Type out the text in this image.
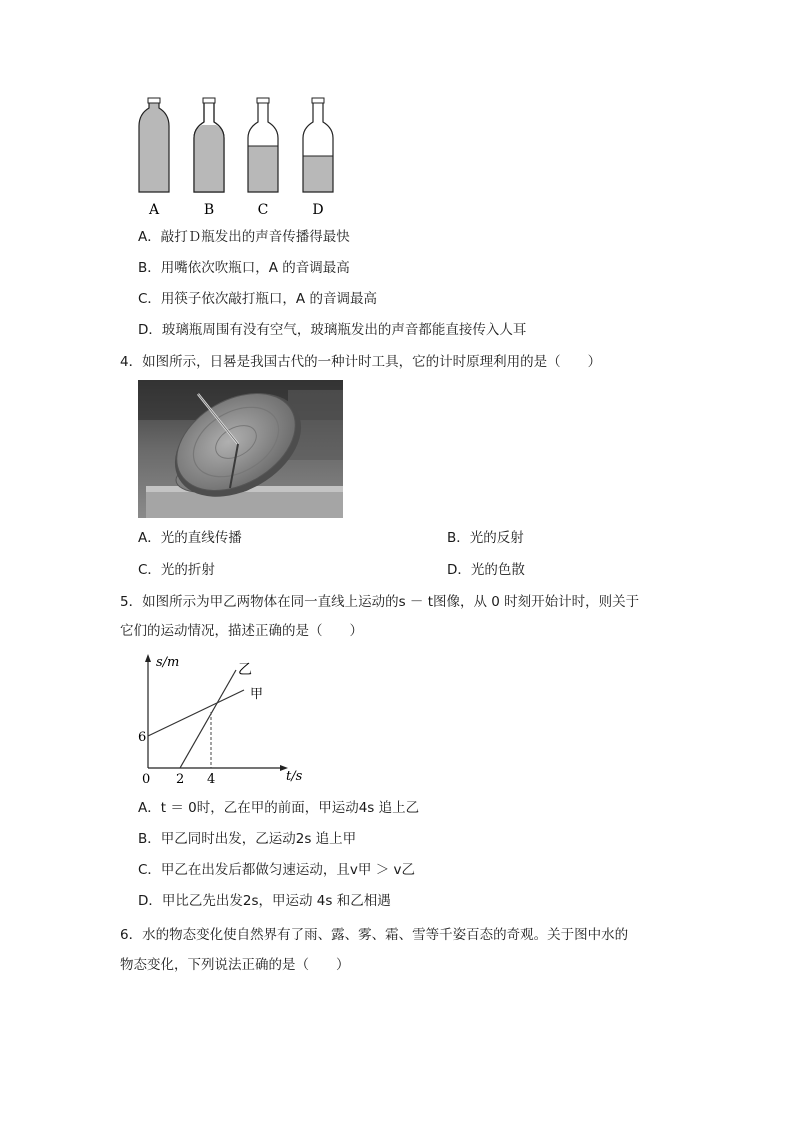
A	B	C	D
A．敲打Ｄ瓶发出的声音传播得最快
B．用嘴依次吹瓶口，A 的音调最高
C．用筷子依次敲打瓶口，A 的音调最高
D．玻璃瓶周围有没有空气，玻璃瓶发出的声音都能直接传入人耳
4．如图所示，日晷是我国古代的一种计时工具，它的计时原理利用的是（　　）
A．光的直线传播	B．光的反射
C．光的折射	D．光的色散
5．如图所示为甲乙两物体在同一直线上运动的s － t图像，从 0 时刻开始计时，则关于
它们的运动情况，描述正确的是（　　）
s/m
t/s
乙
甲
0 2 4
6
A．t ＝ 0时，乙在甲的前面，甲运动4s 追上乙
B．甲乙同时出发，乙运动2s 追上甲
C．甲乙在出发后都做匀速运动，且v甲 ＞ v乙
D．甲比乙先出发2s，甲运动 4s 和乙相遇
6．水的物态变化使自然界有了雨、露、雾、霜、雪等千姿百态的奇观。关于图中水的
物态变化，下列说法正确的是（　　）
